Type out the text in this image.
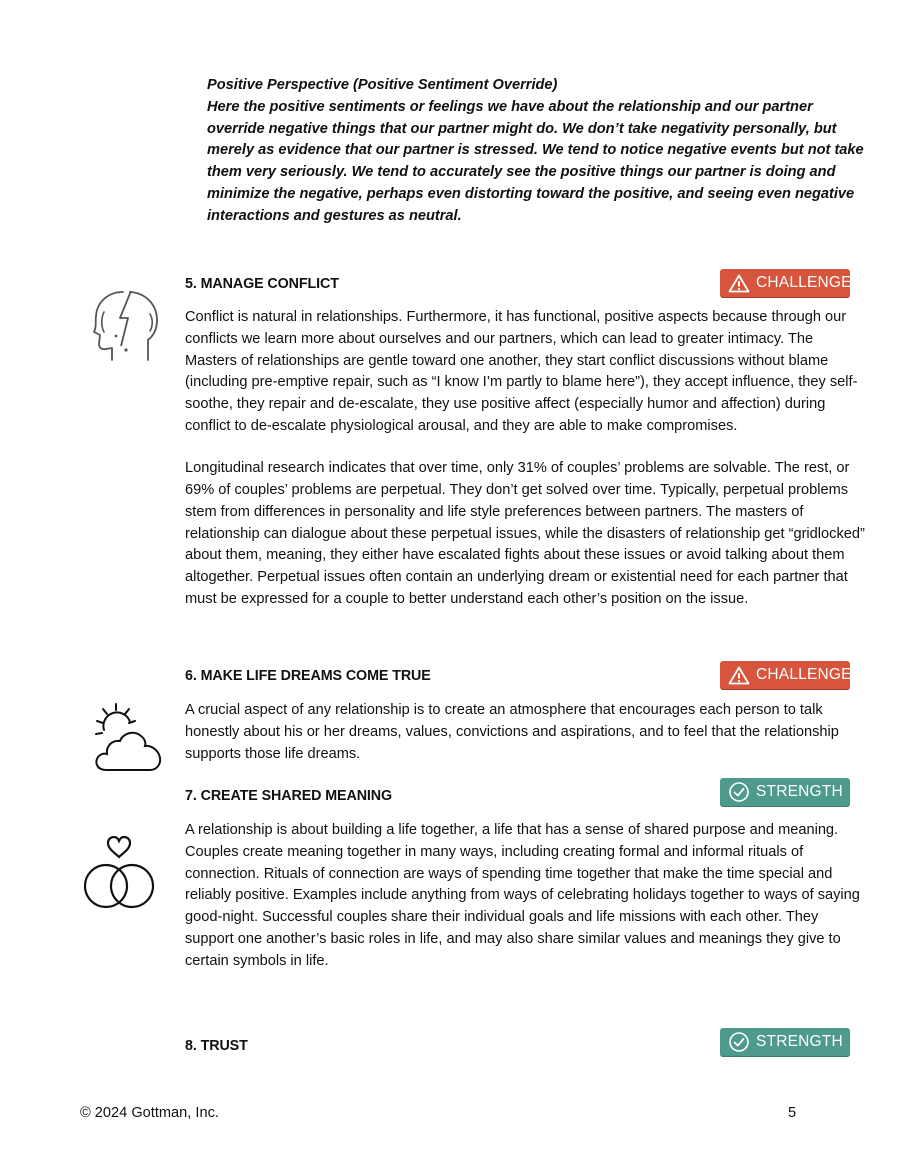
Positive Perspective (Positive Sentiment Override)

Here the positive sentiments or feelings we have about the relationship and our partner override negative things that our partner might do. We don’t take negativity personally, but merely as evidence that our partner is stressed. We tend to notice negative events but not take them very seriously. We tend to accurately see the positive things our partner is doing and minimize the negative, perhaps even distorting toward the positive, and seeing even negative interactions and gestures as neutral.

5. MANAGE CONFLICT	CHALLENGE

Conflict is natural in relationships. Furthermore, it has functional, positive aspects because through our conflicts we learn more about ourselves and our partners, which can lead to greater intimacy. The Masters of relationships are gentle toward one another, they start conflict discussions without blame (including pre-emptive repair, such as “I know I’m partly to blame here”), they accept influence, they self-soothe, they repair and de-escalate, they use positive affect (especially humor and affection) during conflict to de-escalate physiological arousal, and they are able to make compromises.

Longitudinal research indicates that over time, only 31% of couples’ problems are solvable. The rest, or 69% of couples’ problems are perpetual. They don’t get solved over time. Typically, perpetual problems stem from differences in personality and life style preferences between partners. The masters of relationship can dialogue about these perpetual issues, while the disasters of relationship get “gridlocked” about them, meaning, they either have escalated fights about these issues or avoid talking about them altogether. Perpetual issues often contain an underlying dream or existential need for each partner that must be expressed for a couple to better understand each other’s position on the issue.

6. MAKE LIFE DREAMS COME TRUE	CHALLENGE

A crucial aspect of any relationship is to create an atmosphere that encourages each person to talk honestly about his or her dreams, values, convictions and aspirations, and to feel that the relationship supports those life dreams.

7. CREATE SHARED MEANING	STRENGTH

A relationship is about building a life together, a life that has a sense of shared purpose and meaning. Couples create meaning together in many ways, including creating formal and informal rituals of connection. Rituals of connection are ways of spending time together that make the time special and reliably positive. Examples include anything from ways of celebrating holidays together to ways of saying good-night. Successful couples share their individual goals and life missions with each other. They support one another’s basic roles in life, and may also share similar values and meanings they give to certain symbols in life.

8. TRUST	STRENGTH
© 2024 Gottman, Inc.	5
